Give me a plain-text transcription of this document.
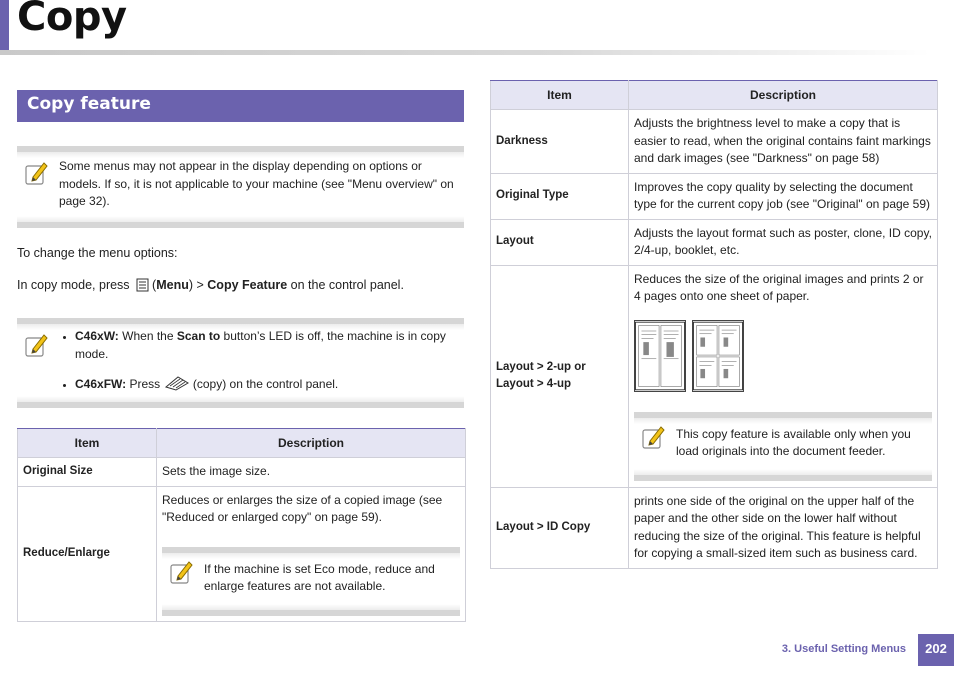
Copy
Copy feature
Some menus may not appear in the display depending on options or models. If so, it is not applicable to your machine (see "Menu overview" on page 32).
To change the menu options:
In copy mode, press (Menu) > Copy Feature on the control panel.
• C46xW: When the Scan to button’s LED is off, the machine is in copy mode.
• C46xFW: Press	(copy) on the control panel.
Item	Description
Original Size	Sets the image size.
Reduce/Enlarge	Reduces or enlarges the size of a copied image (see "Reduced or enlarged copy" on page 59).
If the machine is set Eco mode, reduce and enlarge features are not available.
Item	Description
Darkness	Adjusts the brightness level to make a copy that is easier to read, when the original contains faint markings and dark images (see "Darkness" on page 58)
Original Type	Improves the copy quality by selecting the document type for the current copy job (see "Original" on page 59)
Layout	Adjusts the layout format such as poster, clone, ID copy, 2/4-up, booklet, etc.
Layout > 2-up or Layout > 4-up	Reduces the size of the original images and prints 2 or 4 pages onto one sheet of paper.
This copy feature is available only when you load originals into the document feeder.

Layout > ID Copy	prints one side of the original on the upper half of the paper and the other side on the lower half without reducing the size of the original. This feature is helpful for copying a small-sized item such as business card.
3. Useful Setting Menus	202
